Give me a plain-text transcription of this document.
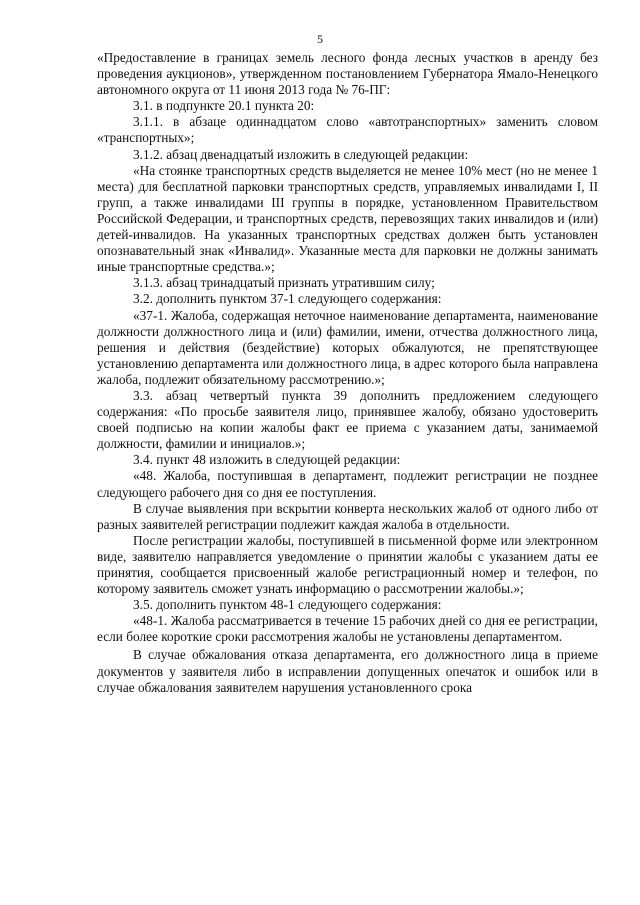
5

«Предоставление в границах земель лесного фонда лесных участков в аренду без проведения аукционов», утвержденном постановлением Губернатора Ямало-Ненецкого автономного округа от 11 июня 2013 года № 76-ПГ:

3.1. в подпункте 20.1 пункта 20:

3.1.1. в абзаце одиннадцатом слово «автотранспортных» заменить словом «транспортных»;

3.1.2. абзац двенадцатый изложить в следующей редакции:

«На стоянке транспортных средств выделяется не менее 10% мест (но не менее 1 места) для бесплатной парковки транспортных средств, управляемых инвалидами I, II групп, а также инвалидами III группы в порядке, установленном Правительством Российской Федерации, и транспортных средств, перевозящих таких инвалидов и (или) детей-инвалидов. На указанных транспортных средствах должен быть установлен опознавательный знак «Инвалид». Указанные места для парковки не должны занимать иные транспортные средства.»;

3.1.3. абзац тринадцатый признать утратившим силу;

3.2. дополнить пунктом 37-1 следующего содержания:

«37-1. Жалоба, содержащая неточное наименование департамента, наименование должности должностного лица и (или) фамилии, имени, отчества должностного лица, решения и действия (бездействие) которых обжалуются, не препятствующее установлению департамента или должностного лица, в адрес которого была направлена жалоба, подлежит обязательному рассмотрению.»;

3.3. абзац четвертый пункта 39 дополнить предложением следующего содержания: «По просьбе заявителя лицо, принявшее жалобу, обязано удостоверить своей подписью на копии жалобы факт ее приема с указанием даты, занимаемой должности, фамилии и инициалов.»;

3.4. пункт 48 изложить в следующей редакции:

«48. Жалоба, поступившая в департамент, подлежит регистрации не позднее следующего рабочего дня со дня ее поступления.

В случае выявления при вскрытии конверта нескольких жалоб от одного либо от разных заявителей регистрации подлежит каждая жалоба в отдельности.

После регистрации жалобы, поступившей в письменной форме или электронном виде, заявителю направляется уведомление о принятии жалобы с указанием даты ее принятия, сообщается присвоенный жалобе регистрационный номер и телефон, по которому заявитель сможет узнать информацию о рассмотрении жалобы.»;

3.5. дополнить пунктом 48-1 следующего содержания:

«48-1. Жалоба рассматривается в течение 15 рабочих дней со дня ее регистрации, если более короткие сроки рассмотрения жалобы не установлены департаментом.

В случае обжалования отказа департамента, его должностного лица в приеме документов у заявителя либо в исправлении допущенных опечаток и ошибок или в случае обжалования заявителем нарушения установленного срока
